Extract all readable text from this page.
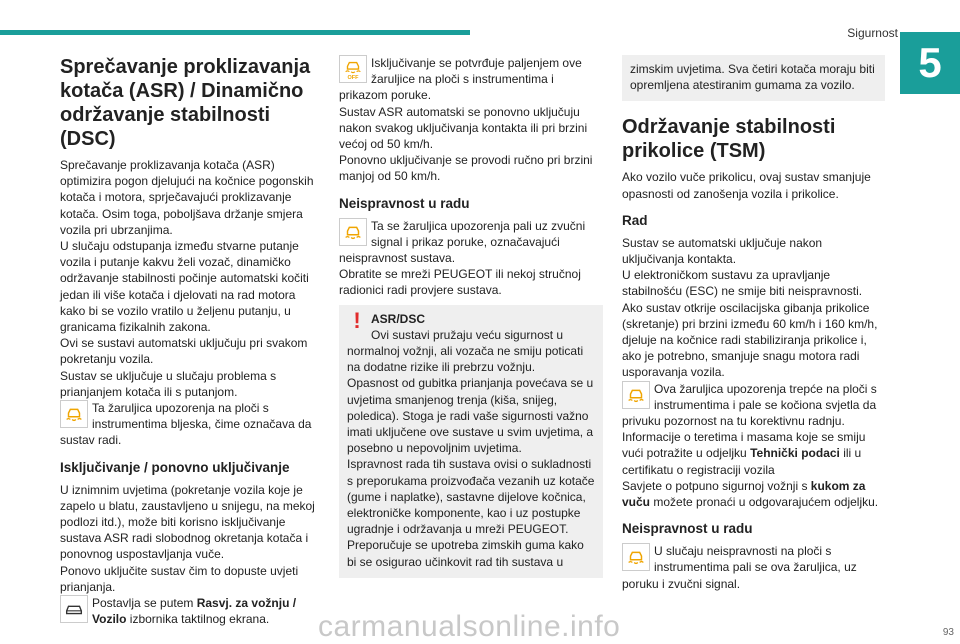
Sigurnost
5
Sprečavanje proklizavanja kotača (ASR) / Dinamično održavanje stabilnosti (DSC)

Sprečavanje proklizavanja kotača (ASR) optimizira pogon djelujući na kočnice pogonskih kotača i motora, sprječavajući proklizavanje kotača. Osim toga, poboljšava držanje smjera vozila pri ubrzanjima.

U slučaju odstupanja između stvarne putanje vozila i putanje kakvu želi vozač, dinamičko održavanje stabilnosti počinje automatski kočiti jedan ili više kotača i djelovati na rad motora kako bi se vozilo vratilo u željenu putanju, u granicama fizikalnih zakona.

Ovi se sustavi automatski uključuju pri svakom pokretanju vozila.

Sustav se uključuje u slučaju problema s prianjanjem kotača ili s putanjom.

Ta žaruljica upozorenja na ploči s instrumentima bljeska, čime označava da sustav radi.
Isključivanje / ponovno uključivanje

U iznimnim uvjetima (pokretanje vozila koje je zapelo u blatu, zaustavljeno u snijegu, na mekoj podlozi itd.), može biti korisno isključivanje sustava ASR radi slobodnog okretanja kotača i ponovnog uspostavljanja vuče.

Ponovo uključite sustav čim to dopuste uvjeti prianjanja.

Postavlja se putem Rasvj. za vožnju / Vozilo izbornika taktilnog ekrana.
OFF
Isključivanje se potvrđuje paljenjem ove žaruljice na ploči s instrumentima i prikazom poruke.

Sustav ASR automatski se ponovno uključuju nakon svakog uključivanja kontakta ili pri brzini većoj od 50 km/h.

Ponovno uključivanje se provodi ručno pri brzini manjoj od 50 km/h.

Neispravnost u radu
Ta se žaruljica upozorenja pali uz zvučni signal i prikaz poruke, označavajući neispravnost sustava.

Obratite se mreži PEUGEOT ili nekoj stručnoj radionici radi provjere sustava.

! ASR/DSC

Ovi sustavi pružaju veću sigurnost u normalnoj vožnji, ali vozača ne smiju poticati na dodatne rizike ili prebrzu vožnju.

Opasnost od gubitka prianjanja povećava se u uvjetima smanjenog trenja (kiša, snijeg, poledica). Stoga je radi vaše sigurnosti važno imati uključene ove sustave u svim uvjetima, a posebno u nepovoljnim uvjetima.

Ispravnost rada tih sustava ovisi o sukladnosti s preporukama proizvođača vezanih uz kotače (gume i naplatke), sastavne dijelove kočnica, elektroničke komponente, kao i uz postupke ugradnje i održavanja u mreži PEUGEOT.

Preporučuje se upotreba zimskih guma kako bi se osigurao učinkovit rad tih sustava u

zimskim uvjetima. Sva četiri kotača moraju biti opremljena atestiranim gumama za vozilo.

Održavanje stabilnosti prikolice (TSM)

Ako vozilo vuče prikolicu, ovaj sustav smanjuje opasnosti od zanošenja vozila i prikolice.

Rad

Sustav se automatski uključuje nakon uključivanja kontakta.

U elektroničkom sustavu za upravljanje stabilnošću (ESC) ne smije biti neispravnosti.

Ako sustav otkrije oscilacijska gibanja prikolice (skretanje) pri brzini između 60 km/h i 160 km/h, djeluje na kočnice radi stabiliziranja prikolice i, ako je potrebno, smanjuje snagu motora radi usporavanja vozila.

Ova žaruljica upozorenja trepće na ploči s instrumentima i pale se kočiona svjetla da privuku pozornost na tu korektivnu radnju.

Informacije o teretima i masama koje se smiju vući potražite u odjeljku Tehnički podaci ili u certifikatu o registraciji vozila

Savjete o potpuno sigurnoj vožnji s kukom za vuču možete pronaći u odgovarajućem odjeljku.

Neispravnost u radu
U slučaju neispravnosti na ploči s instrumentima pali se ova žaruljica, uz poruku i zvučni signal.
carmanualsonline.info	93
